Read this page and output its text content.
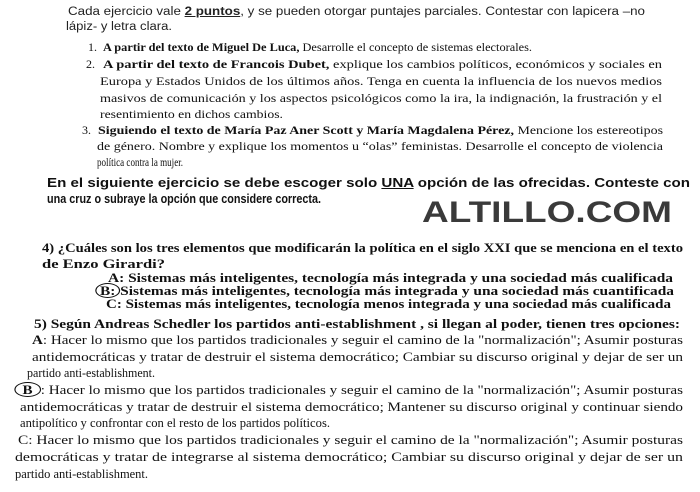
Cada ejercicio vale 2 puntos, y se pueden otorgar puntajes parciales. Contestar con lapicera –no
lápiz- y letra clara.
1. A partir del texto de Miguel De Luca, Desarrolle el concepto de sistemas electorales.
2. A partir del texto de Francois Dubet, explique los cambios políticos, económicos y sociales en
Europa y Estados Unidos de los últimos años. Tenga en cuenta la influencia de los nuevos medios
masivos de comunicación y los aspectos psicológicos como la ira, la indignación, la frustración y el
resentimiento en dichos cambios.
3. Siguiendo el texto de María Paz Aner Scott y María Magdalena Pérez, Mencione los estereotipos
de género. Nombre y explique los momentos u “olas” feministas. Desarrolle el concepto de violencia
política contra la mujer.
En el siguiente ejercicio se debe escoger solo UNA opción de las ofrecidas. Conteste con
una cruz o subraye la opción que considere correcta.	ALTILLO.COM
4) ¿Cuáles son los tres elementos que modificarán la política en el siglo XXI que se menciona en el texto
de Enzo Girardi?
A: Sistemas más inteligentes, tecnología más integrada y una sociedad más cualificada
B: Sistemas más inteligentes, tecnología más integrada y una sociedad más cuantificada
C: Sistemas más inteligentes, tecnología menos integrada y una sociedad más cualificada
5) Según Andreas Schedler los partidos anti-establishment , si llegan al poder, tienen tres opciones:
A: Hacer lo mismo que los partidos tradicionales y seguir el camino de la "normalización"; Asumir posturas
antidemocráticas y tratar de destruir el sistema democrático; Cambiar su discurso original y dejar de ser un
partido anti-establishment.
B : Hacer lo mismo que los partidos tradicionales y seguir el camino de la "normalización"; Asumir posturas
antidemocráticas y tratar de destruir el sistema democrático; Mantener su discurso original y continuar siendo
antipolítico y confrontar con el resto de los partidos políticos.
C: Hacer lo mismo que los partidos tradicionales y seguir el camino de la "normalización"; Asumir posturas
democráticas y tratar de integrarse al sistema democrático; Cambiar su discurso original y dejar de ser un
partido anti-establishment.
